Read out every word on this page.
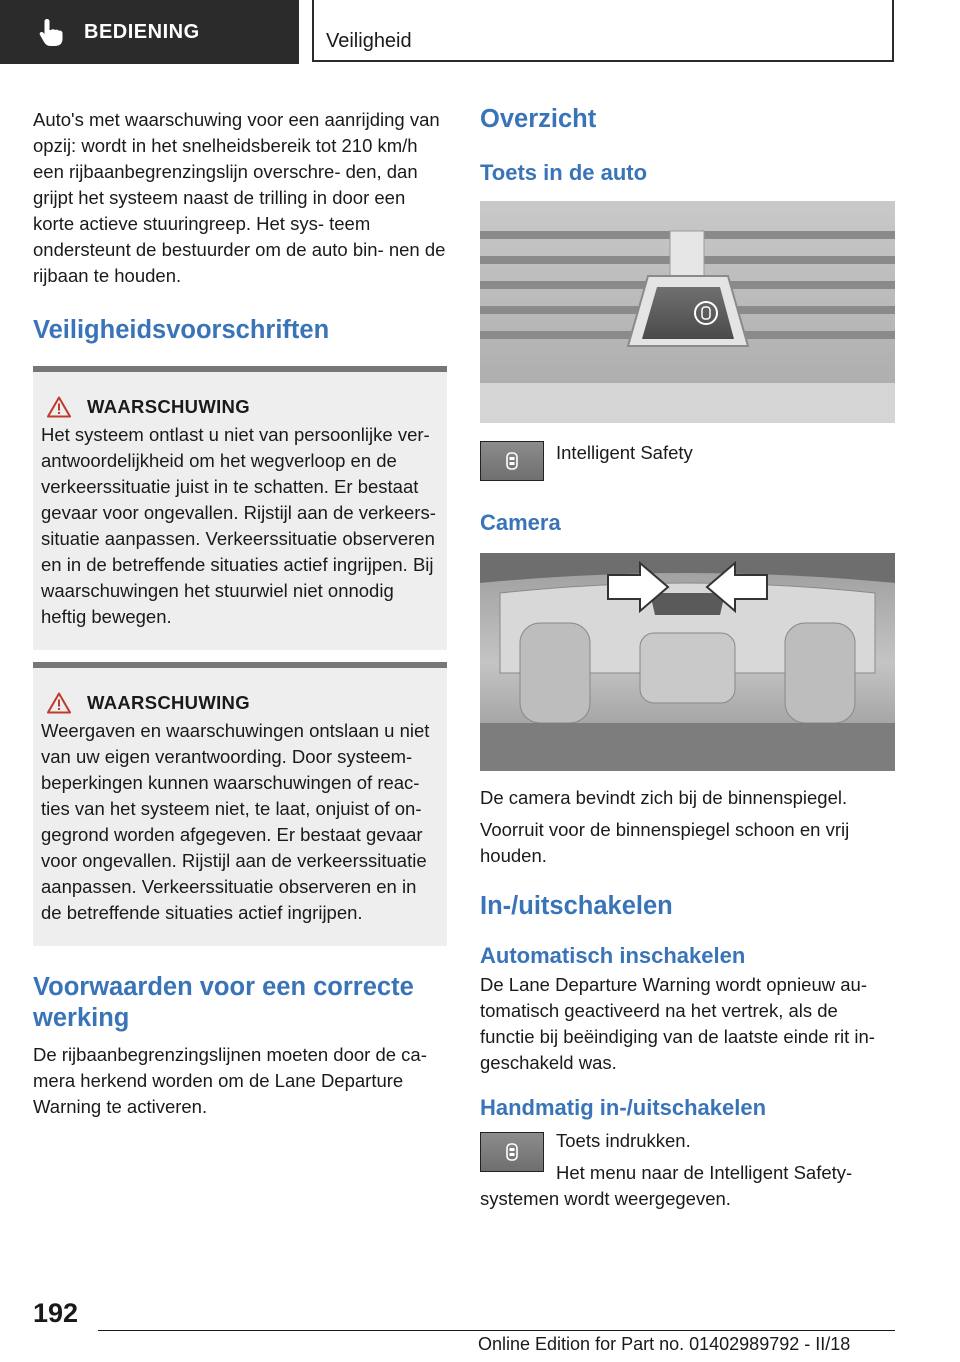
BEDIENING	Veiligheid

Auto's met waarschuwing voor een aanrijding van opzij: wordt in het snelheidsbereik tot 210 km/h een rijbaanbegrenzingslijn overschre- den, dan grijpt het systeem naast de trilling in door een korte actieve stuuringreep. Het sys- teem ondersteunt de bestuurder om de auto bin- nen de rijbaan te houden.

Veiligheidsvoorschriften
WAARSCHUWING

Het systeem ontlast u niet van persoonlijke ver- antwoordelijkheid om het wegverloop en de verkeerssituatie juist in te schatten. Er bestaat gevaar voor ongevallen. Rijstijl aan de verkeers- situatie aanpassen. Verkeerssituatie observeren en in de betreffende situaties actief ingrijpen. Bij waarschuwingen het stuurwiel niet onnodig heftig bewegen.

WAARSCHUWING

Weergaven en waarschuwingen ontslaan u niet van uw eigen verantwoording. Door systeem- beperkingen kunnen waarschuwingen of reac- ties van het systeem niet, te laat, onjuist of on- gegrond worden afgegeven. Er bestaat gevaar voor ongevallen. Rijstijl aan de verkeerssituatie aanpassen. Verkeerssituatie observeren en in de betreffende situaties actief ingrijpen.

Voorwaarden voor een correcte werking

De rijbaanbegrenzingslijnen moeten door de ca- mera herkend worden om de Lane Departure Warning te activeren.

Overzicht
Toets in de auto

Intelligent Safety

Camera

De camera bevindt zich bij de binnenspiegel.

Voorruit voor de binnenspiegel schoon en vrij houden.

In-/uitschakelen
Automatisch inschakelen

De Lane Departure Warning wordt opnieuw au- tomatisch geactiveerd na het vertrek, als de functie bij beëindiging van de laatste einde rit in- geschakeld was.

Handmatig in-/uitschakelen

Toets indrukken.

Het menu naar de Intelligent Safety-

systemen wordt weergegeven.

192
Online Edition for Part no. 01402989792 - II/18
